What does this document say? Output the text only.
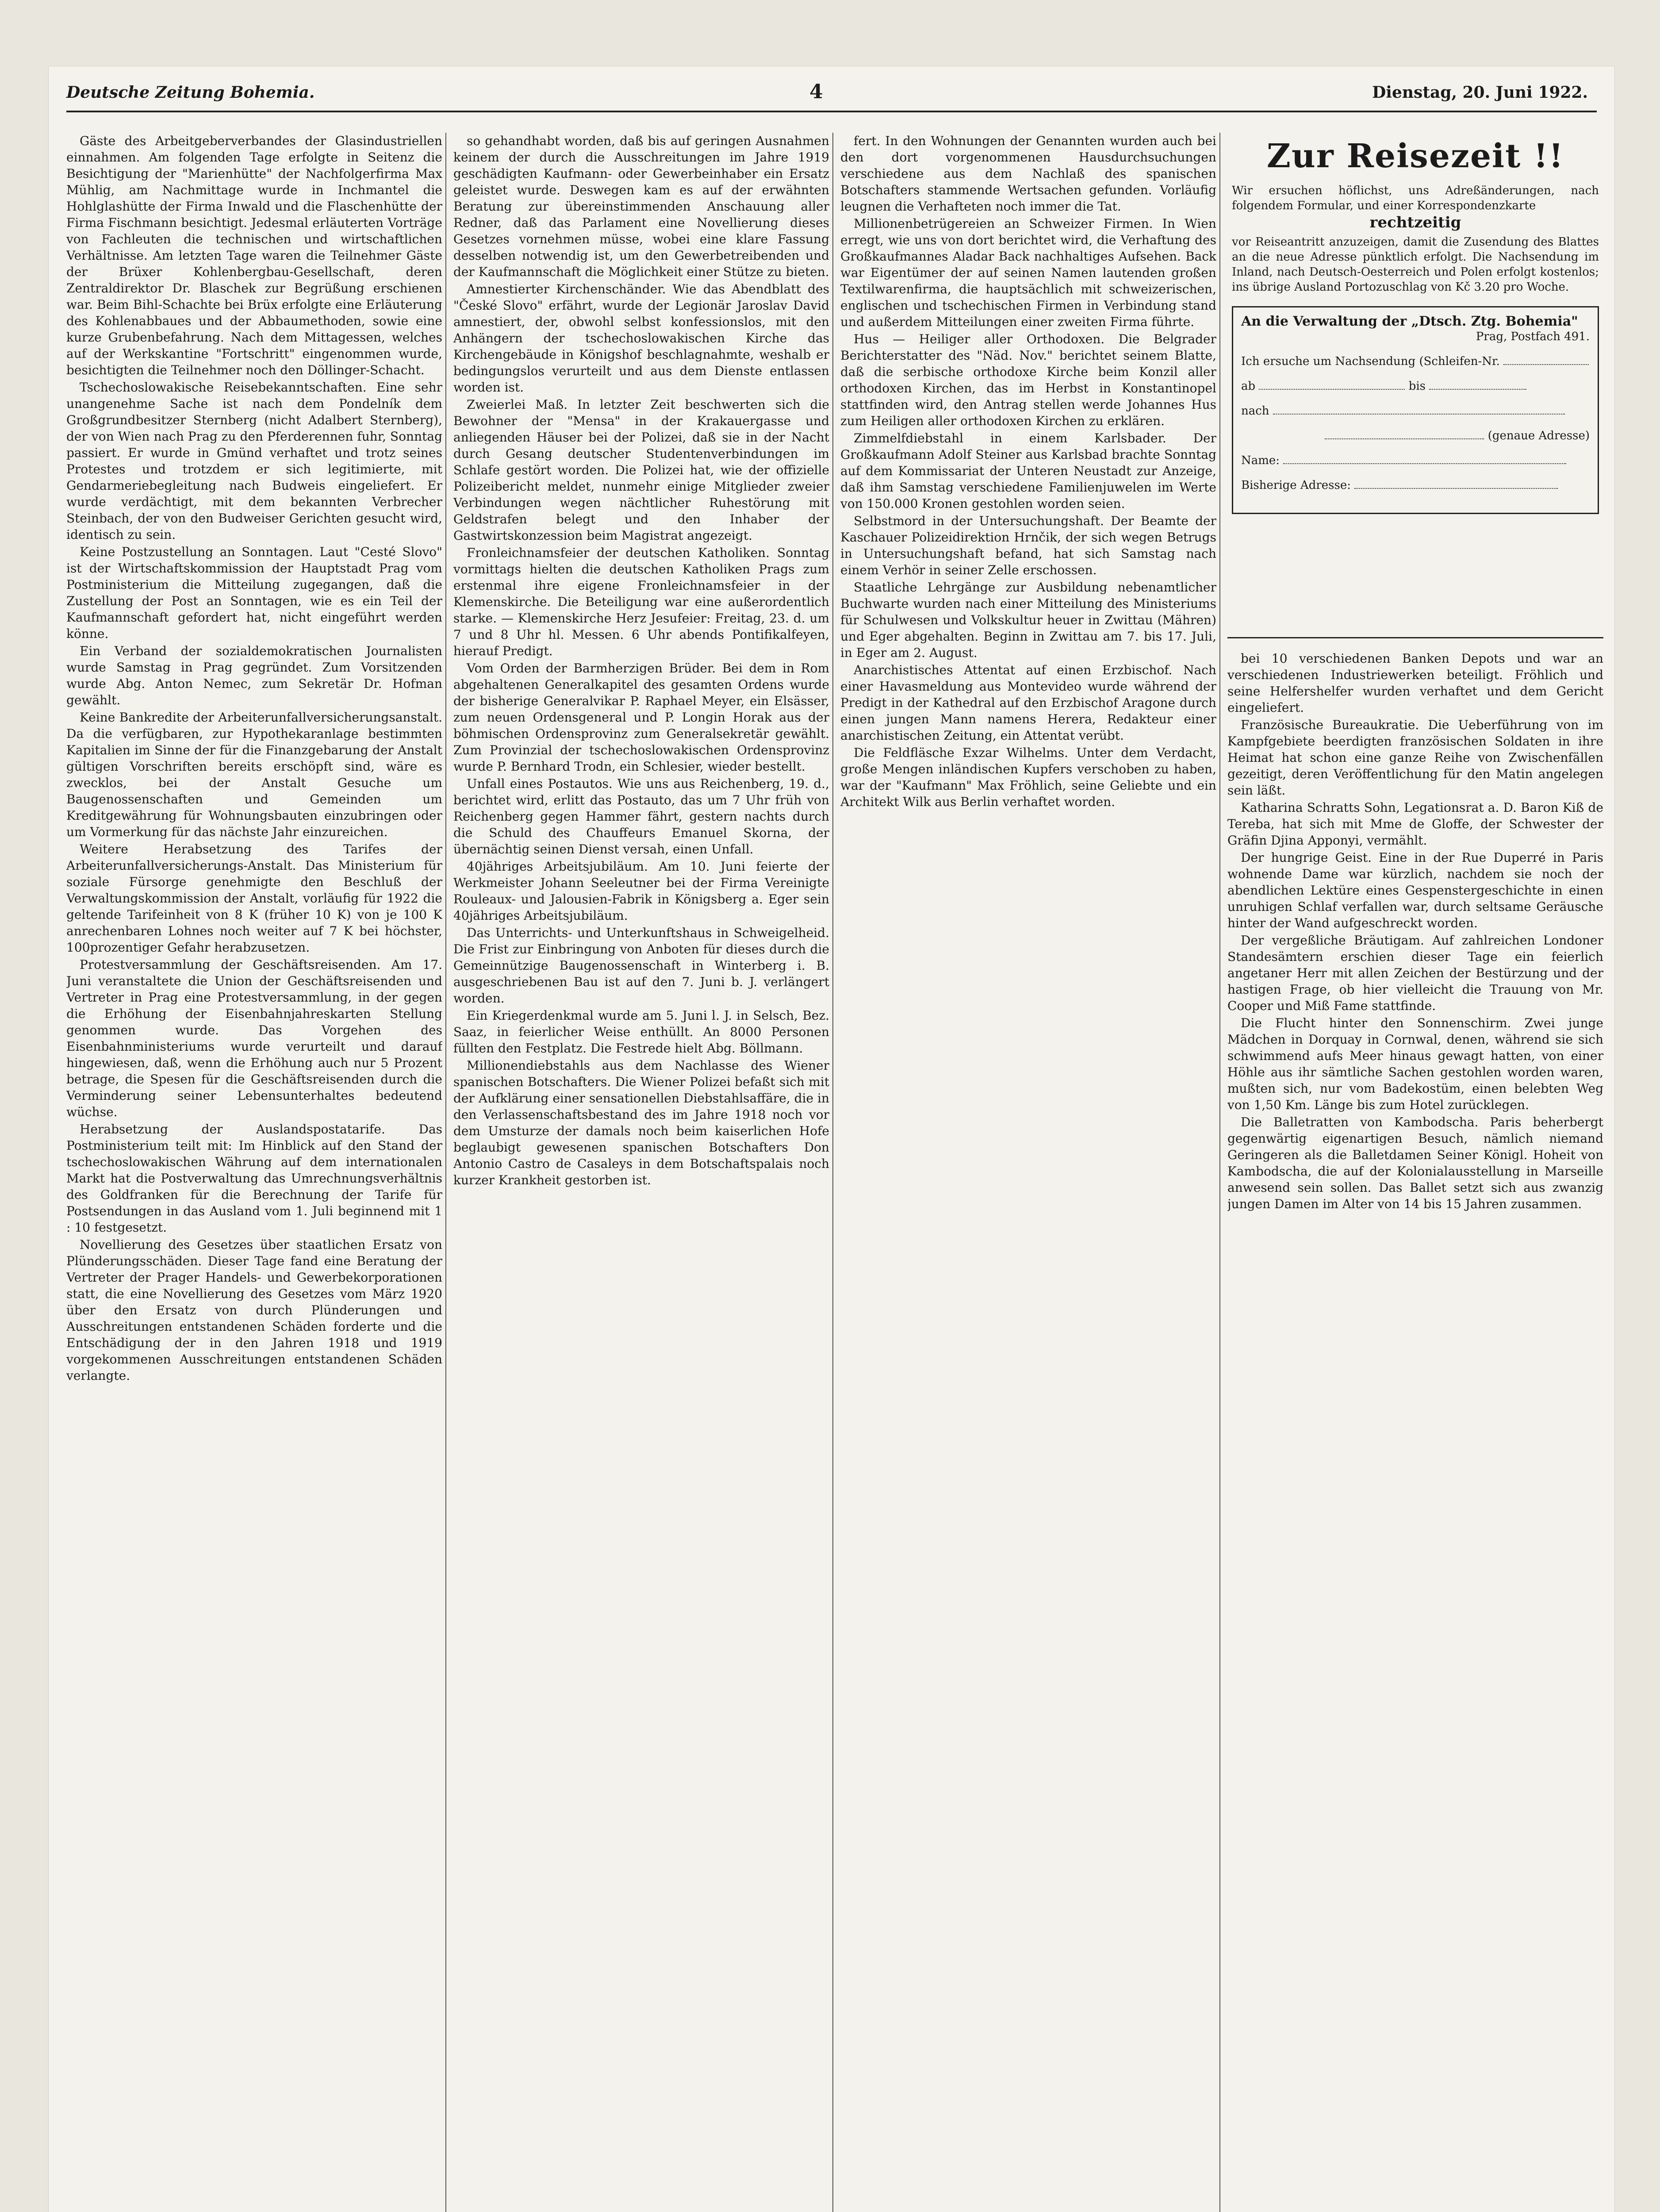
Deutsche Zeitung Bohemia.	4	Dienstag, 20. Juni 1922.

Gäste des Arbeitgeberverbandes der Glasindustriellen einnahmen. Am folgenden Tage erfolgte in Seitenz die Besichtigung der "Marienhütte" der Nachfolgerfirma Max Mühlig, am Nachmittage wurde in Inchmantel die Hohlglashütte der Firma Inwald und die Flaschenhütte der Firma Fischmann besichtigt. Jedesmal erläuterten Vorträge von Fachleuten die technischen und wirtschaftlichen Verhältnisse. Am letzten Tage waren die Teilnehmer Gäste der Brüxer Kohlenbergbau-Gesellschaft, deren Zentraldirektor Dr. Blaschek zur Begrüßung erschienen war. Beim Bihl-Schachte bei Brüx erfolgte eine Erläuterung des Kohlenabbaues und der Abbaumethoden, sowie eine kurze Grubenbefahrung. Nach dem Mittagessen, welches auf der Werkskantine "Fortschritt" eingenommen wurde, besichtigten die Teilnehmer noch den Döllinger-Schacht.

Tschechoslowakische Reisebekanntschaften. Eine sehr unangenehme Sache ist nach dem Pondelník dem Großgrundbesitzer Sternberg (nicht Adalbert Sternberg), der von Wien nach Prag zu den Pferderennen fuhr, Sonntag passiert. Er wurde in Gmünd verhaftet und trotz seines Protestes und trotzdem er sich legitimierte, mit Gendarmeriebegleitung nach Budweis eingeliefert. Er wurde verdächtigt, mit dem bekannten Verbrecher Steinbach, der von den Budweiser Gerichten gesucht wird, identisch zu sein.

Keine Postzustellung an Sonntagen. Laut "Cesté Slovo" ist der Wirtschaftskommission der Hauptstadt Prag vom Postministerium die Mitteilung zugegangen, daß die Zustellung der Post an Sonntagen, wie es ein Teil der Kaufmannschaft gefordert hat, nicht eingeführt werden könne.

Ein Verband der sozialdemokratischen Journalisten wurde Samstag in Prag gegründet. Zum Vorsitzenden wurde Abg. Anton Nemec, zum Sekretär Dr. Hofman gewählt.

Keine Bankredite der Arbeiterunfallversicherungsanstalt. Da die verfügbaren, zur Hypothekaranlage bestimmten Kapitalien im Sinne der für die Finanzgebarung der Anstalt gültigen Vorschriften bereits erschöpft sind, wäre es zwecklos, bei der Anstalt Gesuche um Baugenossenschaften und Gemeinden um Kreditgewährung für Wohnungsbauten einzubringen oder um Vormerkung für das nächste Jahr einzureichen.

Weitere Herabsetzung des Tarifes der Arbeiterunfallversicherungs-Anstalt. Das Ministerium für soziale Fürsorge genehmigte den Beschluß der Verwaltungskommission der Anstalt, vorläufig für 1922 die geltende Tarifeinheit von 8 K (früher 10 K) von je 100 K anrechenbaren Lohnes noch weiter auf 7 K bei höchster, 100prozentiger Gefahr herabzusetzen.

Protestversammlung der Geschäftsreisenden. Am 17. Juni veranstaltete die Union der Geschäftsreisenden und Vertreter in Prag eine Protestversammlung, in der gegen die Erhöhung der Eisenbahnjahreskarten Stellung genommen wurde. Das Vorgehen des Eisenbahnministeriums wurde verurteilt und darauf hingewiesen, daß, wenn die Erhöhung auch nur 5 Prozent betrage, die Spesen für die Geschäftsreisenden durch die Verminderung seiner Lebensunterhaltes bedeutend wüchse.

Herabsetzung der Auslandspostatarife. Das Postministerium teilt mit: Im Hinblick auf den Stand der tschechoslowakischen Währung auf dem internationalen Markt hat die Postverwaltung das Umrechnungsverhältnis des Goldfranken für die Berechnung der Tarife für Postsendungen in das Ausland vom 1. Juli beginnend mit 1 : 10 festgesetzt.

Novellierung des Gesetzes über staatlichen Ersatz von Plünderungsschäden. Dieser Tage fand eine Beratung der Vertreter der Prager Handels- und Gewerbekorporationen statt, die eine Novellierung des Gesetzes vom März 1920 über den Ersatz von durch Plünderungen und Ausschreitungen entstandenen Schäden forderte und die Entschädigung der in den Jahren 1918 und 1919 vorgekommenen Ausschreitungen entstandenen Schäden verlangte.

so gehandhabt worden, daß bis auf geringen Ausnahmen keinem der durch die Ausschreitungen im Jahre 1919 geschädigten Kaufmann- oder Gewerbeinhaber ein Ersatz geleistet wurde. Deswegen kam es auf der erwähnten Beratung zur übereinstimmenden Anschauung aller Redner, daß das Parlament eine Novellierung dieses Gesetzes vornehmen müsse, wobei eine klare Fassung desselben notwendig ist, um den Gewerbetreibenden und der Kaufmannschaft die Möglichkeit einer Stütze zu bieten.

Amnestierter Kirchenschänder. Wie das Abendblatt des "České Slovo" erfährt, wurde der Legionär Jaroslav David amnestiert, der, obwohl selbst konfessionslos, mit den Anhängern der tschechoslowakischen Kirche das Kirchengebäude in Königshof beschlagnahmte, weshalb er bedingungslos verurteilt und aus dem Dienste entlassen worden ist.

Zweierlei Maß. In letzter Zeit beschwerten sich die Bewohner der "Mensa" in der Krakauergasse und anliegenden Häuser bei der Polizei, daß sie in der Nacht durch Gesang deutscher Studentenverbindungen im Schlafe gestört worden. Die Polizei hat, wie der offizielle Polizeibericht meldet, nunmehr einige Mitglieder zweier Verbindungen wegen nächtlicher Ruhestörung mit Geldstrafen belegt und den Inhaber der Gastwirtskonzession beim Magistrat angezeigt.

Fronleichnamsfeier der deutschen Katholiken. Sonntag vormittags hielten die deutschen Katholiken Prags zum erstenmal ihre eigene Fronleichnamsfeier in der Klemenskirche. Die Beteiligung war eine außerordentlich starke. — Klemenskirche Herz Jesufeier: Freitag, 23. d. um 7 und 8 Uhr hl. Messen. 6 Uhr abends Pontifikalfeyen, hierauf Predigt.

Vom Orden der Barmherzigen Brüder. Bei dem in Rom abgehaltenen Generalkapitel des gesamten Ordens wurde der bisherige Generalvikar P. Raphael Meyer, ein Elsässer, zum neuen Ordensgeneral und P. Longin Horak aus der böhmischen Ordensprovinz zum Generalsekretär gewählt. Zum Provinzial der tschechoslowakischen Ordensprovinz wurde P. Bernhard Trodn, ein Schlesier, wieder bestellt.

Unfall eines Postautos. Wie uns aus Reichenberg, 19. d., berichtet wird, erlitt das Postauto, das um 7 Uhr früh von Reichenberg gegen Hammer fährt, gestern nachts durch die Schuld des Chauffeurs Emanuel Skorna, der übernächtig seinen Dienst versah, einen Unfall.

40jähriges Arbeitsjubiläum. Am 10. Juni feierte der Werkmeister Johann Seeleutner bei der Firma Vereinigte Rouleaux- und Jalousien-Fabrik in Königsberg a. Eger sein 40jähriges Arbeitsjubiläum.

Das Unterrichts- und Unterkunftshaus in Schweigelheid. Die Frist zur Einbringung von Anboten für dieses durch die Gemeinnützige Baugenossenschaft in Winterberg i. B. ausgeschriebenen Bau ist auf den 7. Juni b. J. verlängert worden.

Ein Kriegerdenkmal wurde am 5. Juni l. J. in Selsch, Bez. Saaz, in feierlicher Weise enthüllt. An 8000 Personen füllten den Festplatz. Die Festrede hielt Abg. Böllmann.

Millionendiebstahls aus dem Nachlasse des Wiener spanischen Botschafters. Die Wiener Polizei befaßt sich mit der Aufklärung einer sensationellen Diebstahlsaffäre, die in den Verlassenschaftsbestand des im Jahre 1918 noch vor dem Umsturze der damals noch beim kaiserlichen Hofe beglaubigt gewesenen spanischen Botschafters Don Antonio Castro de Casaleys in dem Botschaftspalais noch kurzer Krankheit gestorben ist.

fert. In den Wohnungen der Genannten wurden auch bei den dort vorgenommenen Hausdurchsuchungen verschiedene aus dem Nachlaß des spanischen Botschafters stammende Wertsachen gefunden. Vorläufig leugnen die Verhafteten noch immer die Tat.

Millionenbetrügereien an Schweizer Firmen. In Wien erregt, wie uns von dort berichtet wird, die Verhaftung des Großkaufmannes Aladar Back nachhaltiges Aufsehen. Back war Eigentümer der auf seinen Namen lautenden großen Textilwarenfirma, die hauptsächlich mit schweizerischen, englischen und tschechischen Firmen in Verbindung stand und außerdem Mitteilungen einer zweiten Firma führte.

Hus — Heiliger aller Orthodoxen. Die Belgrader Berichterstatter des "Näd. Nov." berichtet seinem Blatte, daß die serbische orthodoxe Kirche beim Konzil aller orthodoxen Kirchen, das im Herbst in Konstantinopel stattfinden wird, den Antrag stellen werde Johannes Hus zum Heiligen aller orthodoxen Kirchen zu erklären.

Zimmelfdiebstahl in einem Karlsbader. Der Großkaufmann Adolf Steiner aus Karlsbad brachte Sonntag auf dem Kommissariat der Unteren Neustadt zur Anzeige, daß ihm Samstag verschiedene Familienjuwelen im Werte von 150.000 Kronen gestohlen worden seien.

Selbstmord in der Untersuchungshaft. Der Beamte der Kaschauer Polizeidirektion Hrnčik, der sich wegen Betrugs in Untersuchungshaft befand, hat sich Samstag nach einem Verhör in seiner Zelle erschossen.

Staatliche Lehrgänge zur Ausbildung nebenamtlicher Buchwarte wurden nach einer Mitteilung des Ministeriums für Schulwesen und Volkskultur heuer in Zwittau (Mähren) und Eger abgehalten. Beginn in Zwittau am 7. bis 17. Juli, in Eger am 2. August.

Anarchistisches Attentat auf einen Erzbischof. Nach einer Havasmeldung aus Montevideo wurde während der Predigt in der Kathedral auf den Erzbischof Aragone durch einen jungen Mann namens Herera, Redakteur einer anarchistischen Zeitung, ein Attentat verübt.

Die Feldfläsche Exzar Wilhelms. Unter dem Verdacht, große Mengen inländischen Kupfers verschoben zu haben, war der "Kaufmann" Max Fröhlich, seine Geliebte und ein Architekt Wilk aus Berlin verhaftet worden.

Zur Reisezeit !!
Wir ersuchen höflichst, uns Adreßänderungen, nach folgendem Formular, und einer Korrespondenzkarte
rechtzeitig
vor Reiseantritt anzuzeigen, damit die Zusendung des Blattes an die neue Adresse pünktlich erfolgt. Die Nachsendung im Inland, nach Deutsch-Oesterreich und Polen erfolgt kostenlos; ins übrige Ausland Portozuschlag von Kč 3.20 pro Woche.
An die Verwaltung der „Dtsch. Ztg. Bohemia"
Prag, Postfach 491.
Ich ersuche um Nachsendung (Schleifen-Nr.
ab	bis
nach
(genaue Adresse)
Name:
Bisherige Adresse:

bei 10 verschiedenen Banken Depots und war an verschiedenen Industriewerken beteiligt. Fröhlich und seine Helfershelfer wurden verhaftet und dem Gericht eingeliefert.

Französische Bureaukratie. Die Ueberführung von im Kampfgebiete beerdigten französischen Soldaten in ihre Heimat hat schon eine ganze Reihe von Zwischenfällen gezeitigt, deren Veröffentlichung für den Matin angelegen sein läßt.

Katharina Schratts Sohn, Legationsrat a. D. Baron Kiß de Tereba, hat sich mit Mme de Gloffe, der Schwester der Gräfin Djina Apponyi, vermählt.

Der hungrige Geist. Eine in der Rue Duperré in Paris wohnende Dame war kürzlich, nachdem sie noch der abendlichen Lektüre eines Gespenstergeschichte in einen unruhigen Schlaf verfallen war, durch seltsame Geräusche hinter der Wand aufgeschreckt worden.

Der vergeßliche Bräutigam. Auf zahlreichen Londoner Standesämtern erschien dieser Tage ein feierlich angetaner Herr mit allen Zeichen der Bestürzung und der hastigen Frage, ob hier vielleicht die Trauung von Mr. Cooper und Miß Fame stattfinde.

Die Flucht hinter den Sonnenschirm. Zwei junge Mädchen in Dorquay in Cornwal, denen, während sie sich schwimmend aufs Meer hinaus gewagt hatten, von einer Höhle aus ihr sämtliche Sachen gestohlen worden waren, mußten sich, nur vom Badekostüm, einen belebten Weg von 1,50 Km. Länge bis zum Hotel zurücklegen.

Die Balletratten von Kambodscha. Paris beherbergt gegenwärtig eigenartigen Besuch, nämlich niemand Geringeren als die Balletdamen Seiner Königl. Hoheit von Kambodscha, die auf der Kolonialausstellung in Marseille anwesend sein sollen. Das Ballet setzt sich aus zwanzig jungen Damen im Alter von 14 bis 15 Jahren zusammen.
